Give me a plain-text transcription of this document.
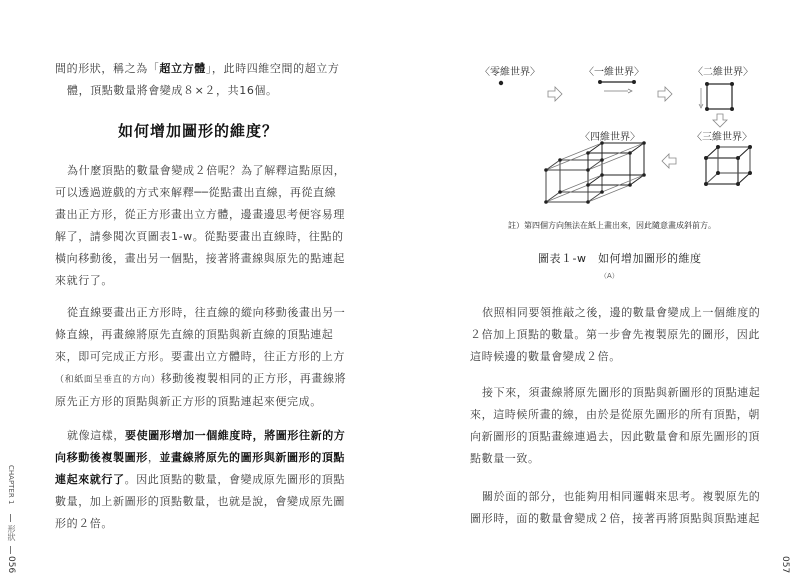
間的形狀，稱之為「超立方體」，此時四維空間的超立方
體，頂點數量將會變成８×２，共16個。

如何增加圖形的維度？

為什麼頂點的數量會變成２倍呢？為了解釋這點原因，
可以透過遊戲的方式來解釋──從點畫出直線，再從直線
畫出正方形，從正方形畫出立方體，邊畫邊思考便容易理
解了，請參閱次頁圖表1-w。從點要畫出直線時，往點的
橫向移動後，畫出另一個點，接著將畫線與原先的點連起
來就行了。

從直線要畫出正方形時，往直線的縱向移動後畫出另一
條直線，再畫線將原先直線的頂點與新直線的頂點連起
來，即可完成正方形。要畫出立方體時，往正方形的上方
（和紙面呈垂直的方向）移動後複製相同的正方形，再畫線將
原先正方形的頂點與新正方形的頂點連起來便完成。

就像這樣，要使圖形增加一個維度時，將圖形往新的方
向移動後複製圖形，並畫線將原先的圖形與新圖形的頂點
連起來就行了。因此頂點的數量，會變成原先圖形的頂點
數量，加上新圖形的頂點數量，也就是說，會變成原先圖
形的２倍。

CHAPTER 1
形狀
056
〈零維世界〉	〈一維世界〉	〈二維世界〉
〈四維世界〉	〈三維世界〉
註）第四個方向無法在紙上畫出來，因此隨意畫成斜前方。
圖表１-w　如何增加圖形的維度
（A）

依照相同要領推敲之後，邊的數量會變成上一個維度的
２倍加上頂點的數量。第一步會先複製原先的圖形，因此
這時候邊的數量會變成２倍。

接下來，須畫線將原先圖形的頂點與新圖形的頂點連起
來，這時候所畫的線，由於是從原先圖形的所有頂點，朝
向新圖形的頂點畫線連過去，因此數量會和原先圖形的頂
點數量一致。

關於面的部分，也能夠用相同邏輯來思考。複製原先的
圖形時，面的數量會變成２倍，接著再將頂點與頂點連起

057
